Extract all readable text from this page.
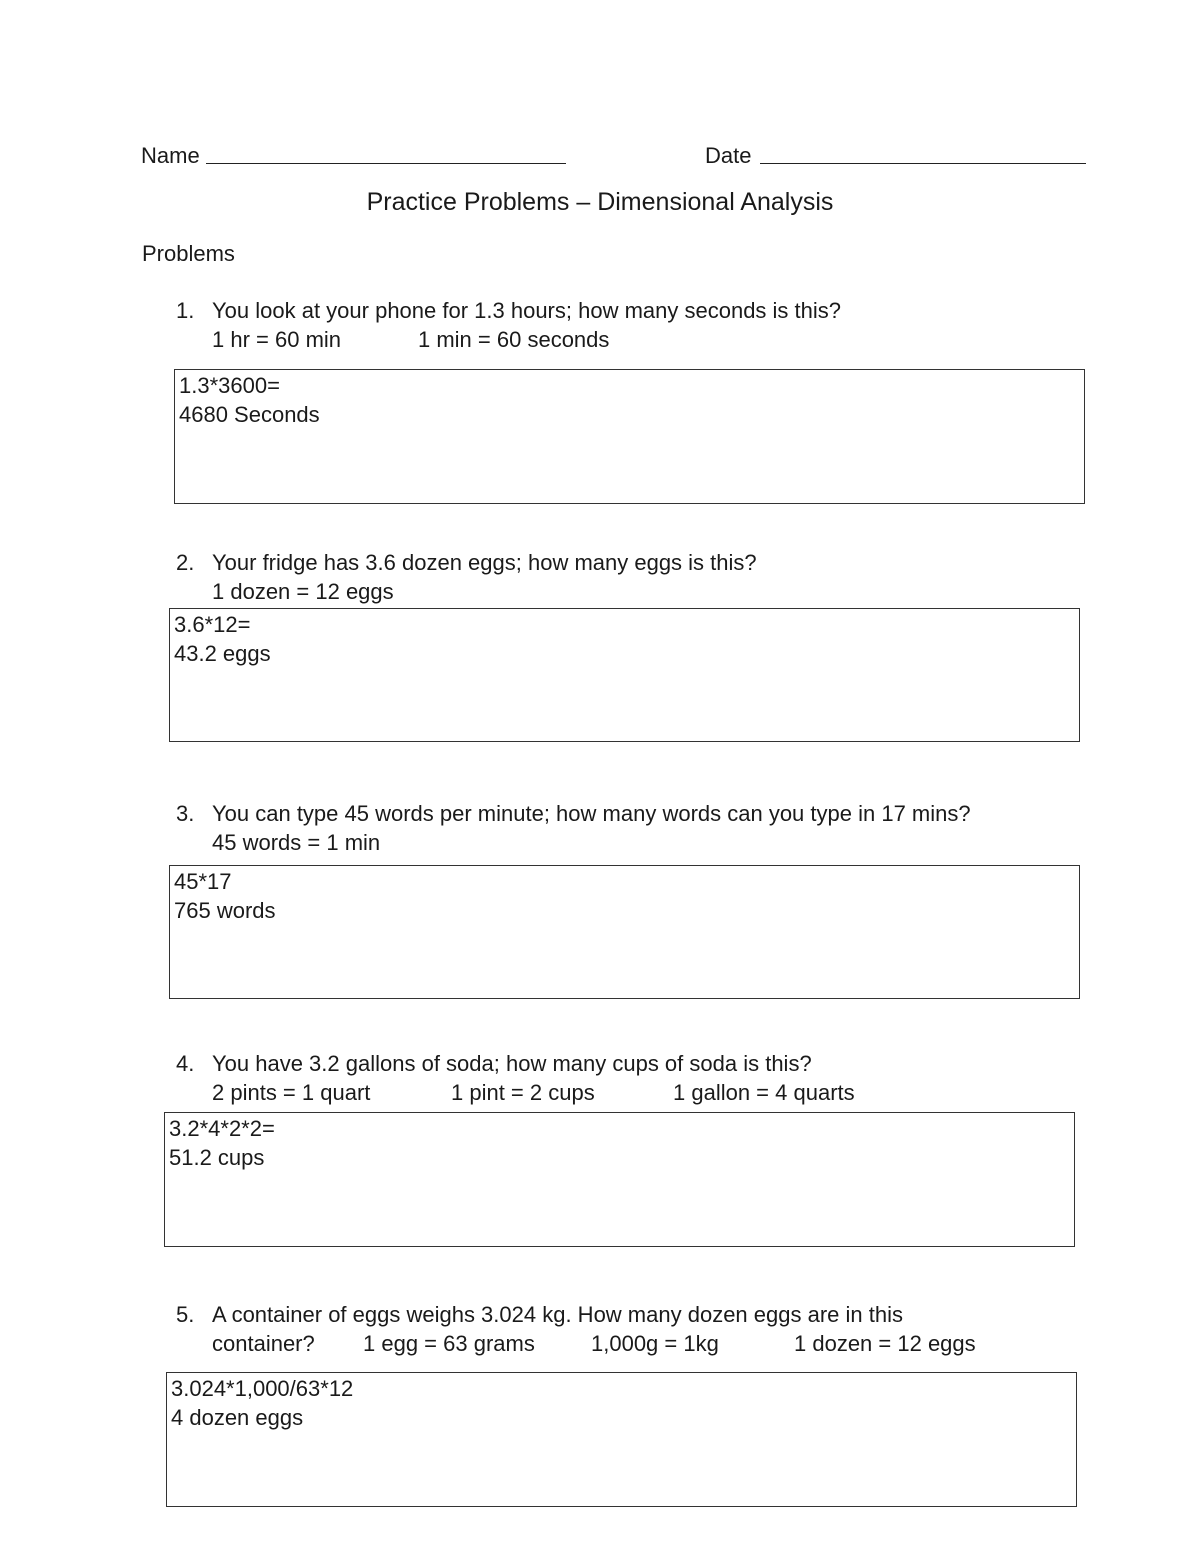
Name	Date
Practice Problems – Dimensional Analysis
Problems
1. You look at your phone for 1.3 hours; how many seconds is this?
1 hr = 60 min	1 min = 60 seconds
1.3*3600=
4680 Seconds
2. Your fridge has 3.6 dozen eggs; how many eggs is this?
1 dozen = 12 eggs
3.6*12=
43.2 eggs
3. You can type 45 words per minute; how many words can you type in 17 mins?
45 words = 1 min
45*17
765 words
4. You have 3.2 gallons of soda; how many cups of soda is this?
2 pints = 1 quart	1 pint = 2 cups	1 gallon = 4 quarts
3.2*4*2*2=
51.2 cups
5. A container of eggs weighs 3.024 kg. How many dozen eggs are in this
container? 1 egg = 63 grams	1,000g = 1kg	1 dozen = 12 eggs
3.024*1,000/63*12
4 dozen eggs
